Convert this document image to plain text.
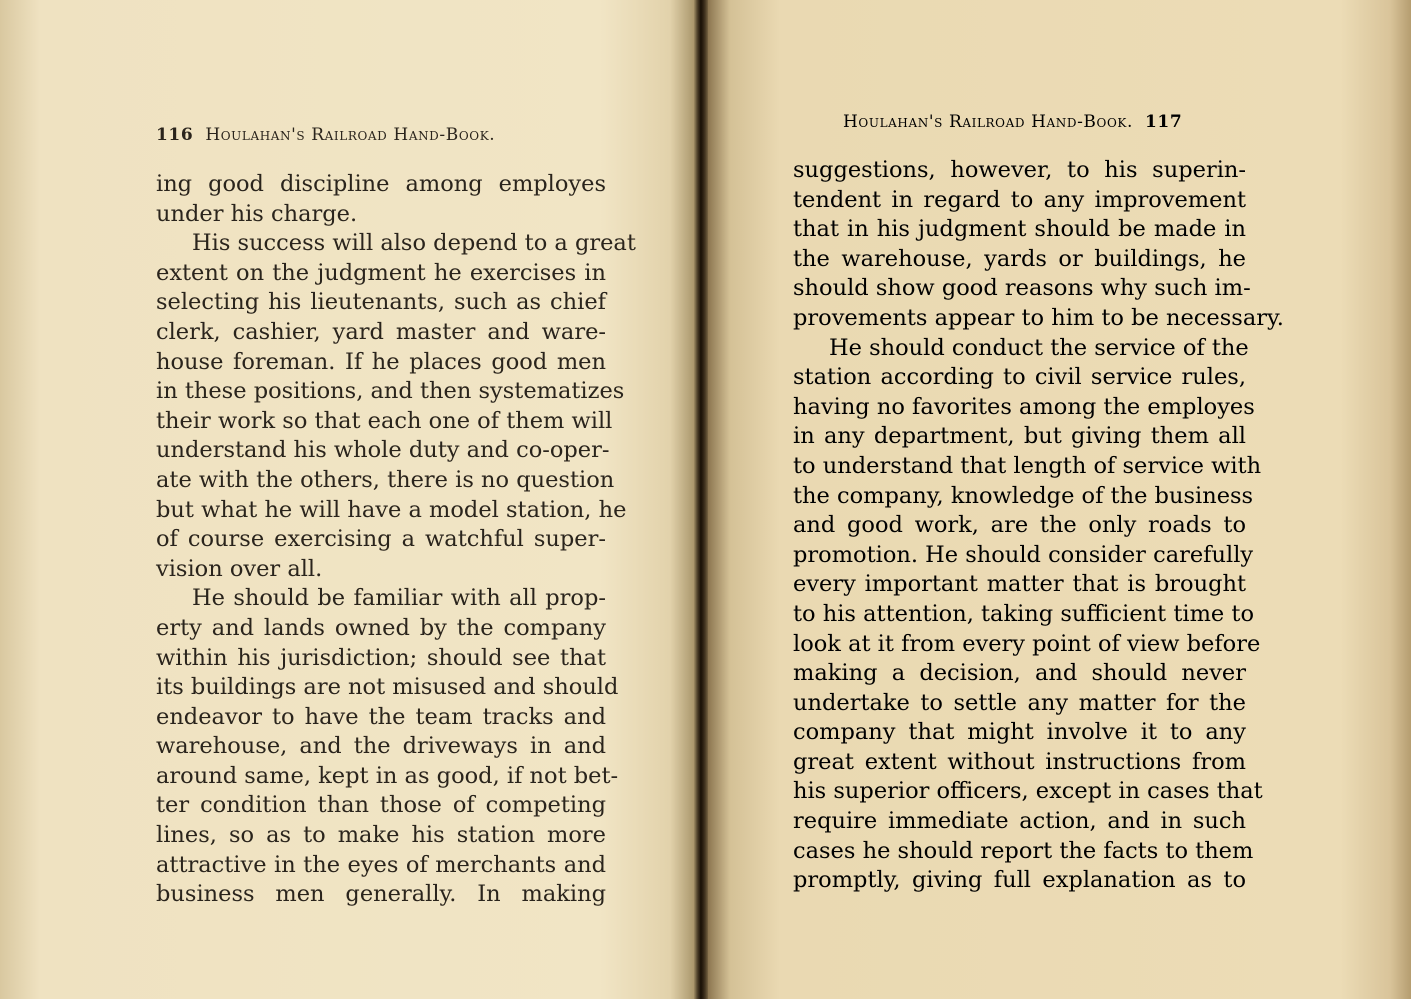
116 Houlahan's Railroad Hand-Book.
ing good discipline among employes
under his charge.
His success will also depend to a great
extent on the judgment he exercises in
selecting his lieutenants, such as chief
clerk, cashier, yard master and ware-
house foreman. If he places good men
in these positions, and then systematizes
their work so that each one of them will
understand his whole duty and co-oper-
ate with the others, there is no question
but what he will have a model station, he
of course exercising a watchful super-
vision over all.
He should be familiar with all prop-
erty and lands owned by the company
within his jurisdiction; should see that
its buildings are not misused and should
endeavor to have the team tracks and
warehouse, and the driveways in and
around same, kept in as good, if not bet-
ter condition than those of competing
lines, so as to make his station more
attractive in the eyes of merchants and
business men generally. In making
Houlahan's Railroad Hand-Book. 117
suggestions, however, to his superin-
tendent in regard to any improvement
that in his judgment should be made in
the warehouse, yards or buildings, he
should show good reasons why such im-
provements appear to him to be necessary.
He should conduct the service of the
station according to civil service rules,
having no favorites among the employes
in any department, but giving them all
to understand that length of service with
the company, knowledge of the business
and good work, are the only roads to
promotion. He should consider carefully
every important matter that is brought
to his attention, taking sufficient time to
look at it from every point of view before
making a decision, and should never
undertake to settle any matter for the
company that might involve it to any
great extent without instructions from
his superior officers, except in cases that
require immediate action, and in such
cases he should report the facts to them
promptly, giving full explanation as to
